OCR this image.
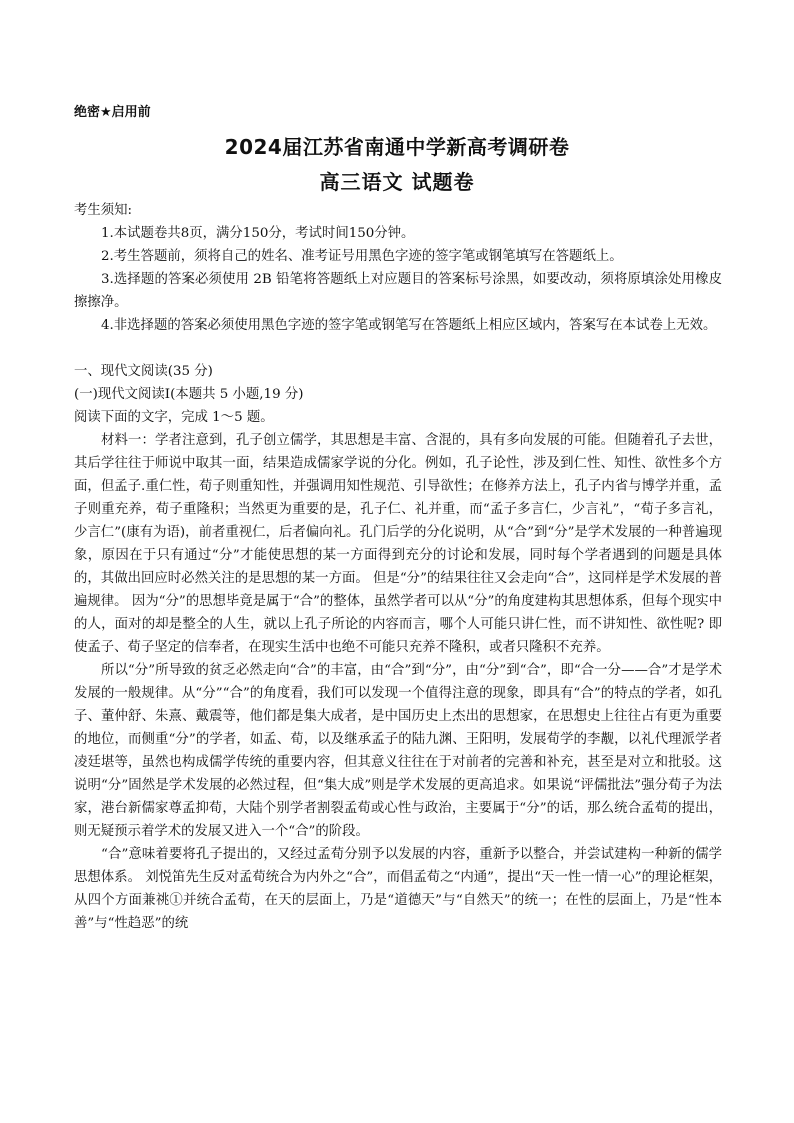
绝密★启用前
2024届江苏省南通中学新高考调研卷
高三语文 试题卷

考生须知:

1.本试题卷共8页，满分150分，考试时间150分钟。

2.考生答题前，须将自己的姓名、准考证号用黑色字迹的签字笔或钢笔填写在答题纸上。

3.选择题的答案必须使用 2B 铅笔将答题纸上对应题目的答案标号涂黑，如要改动，须将原填涂处用橡皮擦擦净。

4.非选择题的答案必须使用黑色字迹的签字笔或钢笔写在答题纸上相应区域内，答案写在本试卷上无效。

一、现代文阅读(35 分)

(一)现代文阅读Ⅰ(本题共 5 小题,19 分)

阅读下面的文字，完成 1～5 题。

材料一：学者注意到，孔子创立儒学，其思想是丰富、含混的，具有多向发展的可能。但随着孔子去世，其后学往往于师说中取其一面，结果造成儒家学说的分化。例如，孔子论性，涉及到仁性、知性、欲性多个方面，但孟子.重仁性，荀子则重知性，并强调用知性规范、引导欲性；在修养方法上，孔子内省与博学并重，孟子则重充养，荀子重隆积；当然更为重要的是，孔子仁、礼并重，而“孟子多言仁，少言礼”，“荀子多言礼，少言仁”(康有为语)，前者重视仁，后者偏向礼。孔门后学的分化说明，从“合”到“分”是学术发展的一种普遍现象，原因在于只有通过“分”才能使思想的某一方面得到充分的讨论和发展，同时每个学者遇到的问题是具体的，其做出回应时必然关注的是思想的某一方面。 但是“分”的结果往往又会走向“合”，这同样是学术发展的普遍规律。 因为“分”的思想毕竟是属于“合”的整体，虽然学者可以从“分”的角度建构其思想体系，但每个现实中的人，面对的却是整全的人生，就以上孔子所论的内容而言，哪个人可能只讲仁性，而不讲知性、欲性呢? 即使孟子、荀子坚定的信奉者，在现实生活中也绝不可能只充养不隆积，或者只隆积不充养。

所以“分”所导致的贫乏必然走向“合”的丰富，由“合”到“分”，由“分”到“合”，即“合一分——合”才是学术发展的一般规律。从“分”“合”的角度看，我们可以发现一个值得注意的现象，即具有“合”的特点的学者，如孔子、董仲舒、朱熹、戴震等，他们都是集大成者，是中国历史上杰出的思想家，在思想史上往往占有更为重要的地位，而侧重“分”的学者，如孟、荀，以及继承孟子的陆九渊、王阳明，发展荀学的李觏，以礼代理派学者凌廷堪等，虽然也构成儒学传统的重要内容，但其意义往往在于对前者的完善和补充，甚至是对立和批驳。这说明“分”固然是学术发展的必然过程，但“集大成”则是学术发展的更高追求。如果说“评儒批法”强分荀子为法家，港台新儒家尊孟抑荀，大陆个别学者割裂孟荀或心性与政治，主要属于“分”的话，那么统合孟荀的提出，则无疑预示着学术的发展又进入一个“合”的阶段。

“合”意味着要将孔子提出的，又经过孟荀分别予以发展的内容，重新予以整合，并尝试建构一种新的儒学思想体系。 刘悦笛先生反对孟荀统合为内外之“合”，而倡孟荀之“内通”，提出“天一性一情一心”的理论框架，从四个方面兼祧①并统合孟荀，在天的层面上，乃是“道德天”与“自然天”的统一；在性的层面上，乃是“性本善”与“性趋恶”的统
